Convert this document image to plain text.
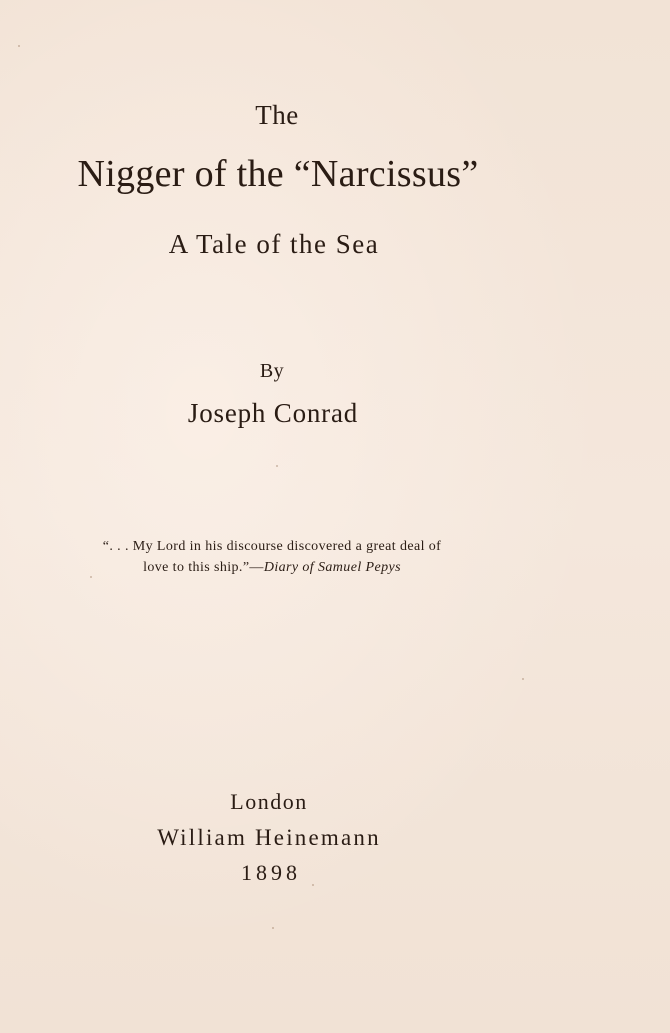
The
Nigger of the “Narcissus”
A Tale of the Sea
By
Joseph Conrad
“. . . My Lord in his discourse discovered a great deal of
love to this ship.”—Diary of Samuel Pepys
London
William Heinemann
1898
